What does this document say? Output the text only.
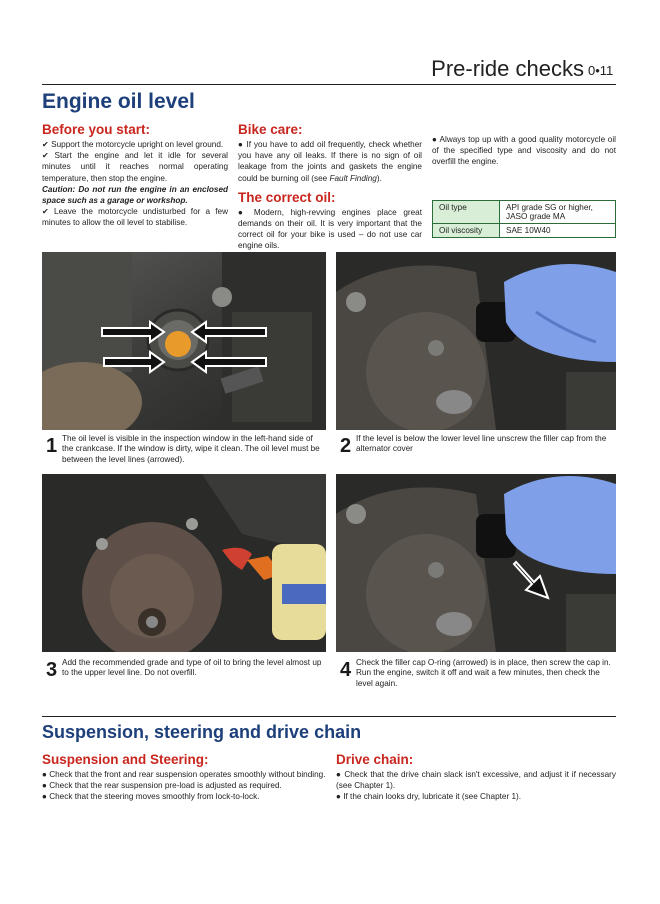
Pre-ride checks 0•11
Engine oil level
Before you start:

✔ Support the motorcycle upright on level ground.

✔ Start the engine and let it idle for several minutes until it reaches normal operating temperature, then stop the engine.

Caution: Do not run the engine in an enclosed space such as a garage or workshop.

✔ Leave the motorcycle undisturbed for a few minutes to allow the oil level to stabilise.

Bike care:

● If you have to add oil frequently, check whether you have any oil leaks. If there is no sign of oil leakage from the joints and gaskets the engine could be burning oil (see Fault Finding).

The correct oil:

● Modern, high-revving engines place great demands on their oil. It is very important that the correct oil for your bike is used – do not use car engine oils.

● Always top up with a good quality motorcycle oil of the specified type and viscosity and do not overfill the engine.
Oil type	API grade SG or higher, JASO grade MA
Oil viscosity	SAE 10W40
1 The oil level is visible in the inspection window in the left-hand side of the crankcase. If the window is dirty, wipe it clean. The oil level must be between the level lines (arrowed).
2 If the level is below the lower level line unscrew the filler cap from the alternator cover
3 Add the recommended grade and type of oil to bring the level almost up to the upper level line. Do not overfill.	4 Check the filler cap O-ring (arrowed) is in place, then screw the cap in. Run the engine, switch it off and wait a few minutes, then check the level again.
Suspension, steering and drive chain
Suspension and Steering:

● Check that the front and rear suspension operates smoothly without binding.

● Check that the rear suspension pre-load is adjusted as required.

● Check that the steering moves smoothly from lock-to-lock.

Drive chain:

● Check that the drive chain slack isn't excessive, and adjust it if necessary (see Chapter 1).

● If the chain looks dry, lubricate it (see Chapter 1).
